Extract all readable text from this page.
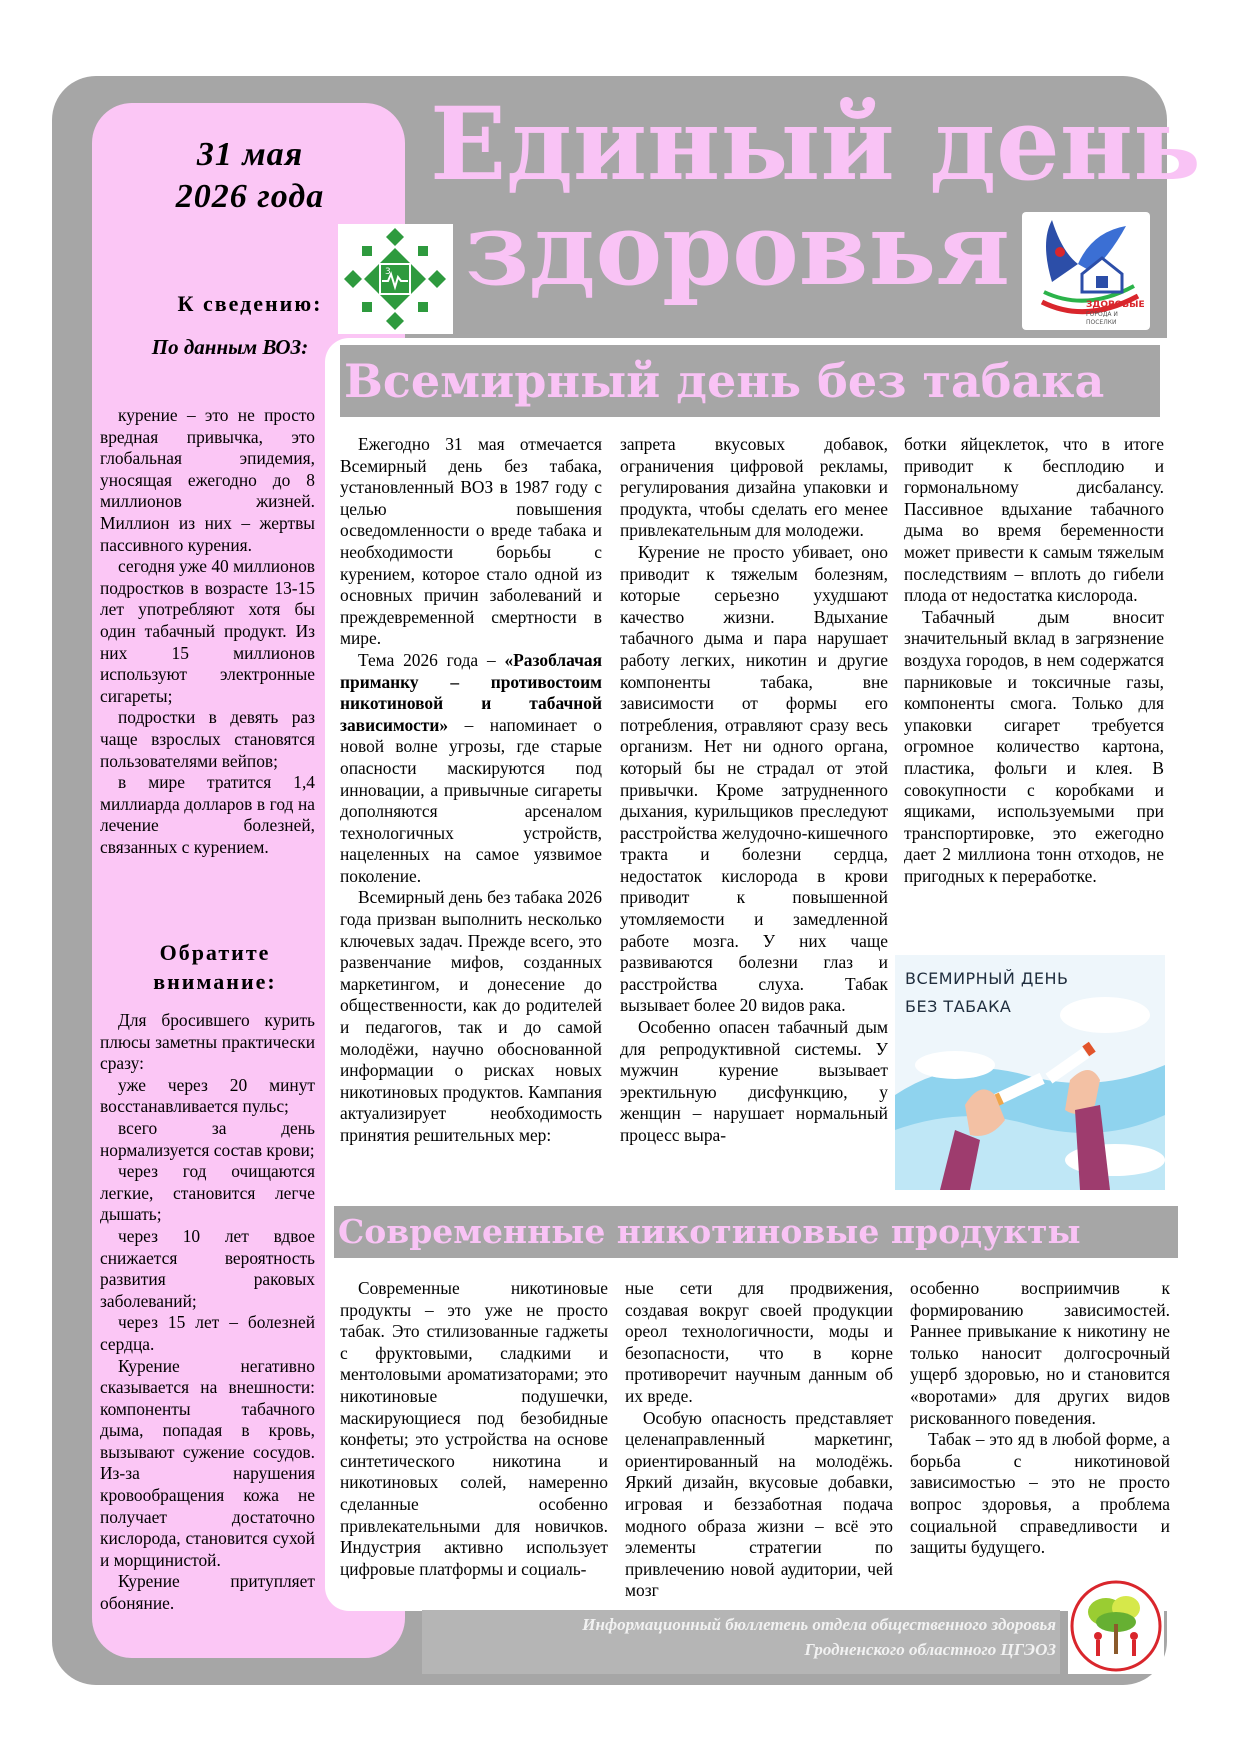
Единый день
здоровья
3
ЗДОРОВЫЕ
ГОРОДА И ПОСЕЛКИ
Всемирный день без табака
Современные никотиновые продукты
31 мая
2026 года
К сведению:
По данным ВОЗ:

курение – это не просто вредная привычка, это глобальная эпидемия, уносящая ежегодно до 8 миллионов жизней. Миллион из них – жертвы пассивного курения.

сегодня уже 40 миллионов подростков в возрасте 13-15 лет употребляют хотя бы один табачный продукт. Из них 15 миллионов используют электронные сигареты;

подростки в девять раз чаще взрослых становятся пользователями вейпов;

в мире тратится 1,4 миллиарда долларов в год на лечение болезней, связанных с курением.

Обратите внимание:

Для бросившего курить плюсы заметны практически сразу:

уже через 20 минут восстанавливается пульс;

всего за день нормализуется состав крови;

через год очищаются легкие, становится легче дышать;

через 10 лет вдвое снижается вероятность развития раковых заболеваний;

через 15 лет – болезней сердца.

Курение негативно сказывается на внешности: компоненты табачного дыма, попадая в кровь, вызывают сужение сосудов. Из-за нарушения кровообращения кожа не получает достаточно кислорода, становится сухой и морщинистой.

Курение притупляет обоняние.

Ежегодно 31 мая отмечается Всемирный день без табака, установленный ВОЗ в 1987 году с целью повышения осведомленности о вреде табака и необходимости борьбы с курением, которое стало одной из основных причин заболеваний и преждевременной смертности в мире.

Тема 2026 года – «Разоблачая приманку – противостоим никотиновой и табачной зависимости» – напоминает о новой волне угрозы, где старые опасности маскируются под инновации, а привычные сигареты дополняются арсеналом технологичных устройств, нацеленных на самое уязвимое поколение.

Всемирный день без табака 2026 года призван выполнить несколько ключевых задач. Прежде всего, это развенчание мифов, созданных маркетингом, и донесение до общественности, как до родителей и педагогов, так и до самой молодёжи, научно обоснованной информации о рисках новых никотиновых продуктов. Кампания актуализирует необходимость принятия решительных мер:

запрета вкусовых добавок, ограничения цифровой рекламы, регулирования дизайна упаковки и продукта, чтобы сделать его менее привлекательным для молодежи.

Курение не просто убивает, оно приводит к тяжелым болезням, которые серьезно ухудшают качество жизни. Вдыхание табачного дыма и пара нарушает работу легких, никотин и другие компоненты табака, вне зависимости от формы его потребления, отравляют сразу весь организм. Нет ни одного органа, который бы не страдал от этой привычки. Кроме затрудненного дыхания, курильщиков преследуют расстройства желудочно-кишечного тракта и болезни сердца, недостаток кислорода в крови приводит к повышенной утомляемости и замедленной работе мозга. У них чаще развиваются болезни глаз и расстройства слуха. Табак вызывает более 20 видов рака.

Особенно опасен табачный дым для репродуктивной системы. У мужчин курение вызывает эректильную дисфункцию, у женщин – нарушает нормальный процесс выра-

ботки яйцеклеток, что в итоге приводит к бесплодию и гормональному дисбалансу. Пассивное вдыхание табачного дыма во время беременности может привести к самым тяжелым последствиям – вплоть до гибели плода от недостатка кислорода.

Табачный дым вносит значительный вклад в загрязнение воздуха городов, в нем содержатся парниковые и токсичные газы, компоненты смога. Только для упаковки сигарет требуется огромное количество картона, пластика, фольги и клея. В совокупности с коробками и ящиками, используемыми при транспортировке, это ежегодно дает 2 миллиона тонн отходов, не пригодных к переработке.

ВСЕМИРНЫЙ ДЕНЬ
БЕЗ ТАБАКА

Современные никотиновые продукты – это уже не просто табак. Это стилизованные гаджеты с фруктовыми, сладкими и ментоловыми ароматизаторами; это никотиновые подушечки, маскирующиеся под безобидные конфеты; это устройства на основе синтетического никотина и никотиновых солей, намеренно сделанные особенно привлекательными для новичков. Индустрия активно использует цифровые платформы и социаль-

ные сети для продвижения, создавая вокруг своей продукции ореол технологичности, моды и безопасности, что в корне противоречит научным данным об их вреде.

Особую опасность представляет целенаправленный маркетинг, ориентированный на молодёжь. Яркий дизайн, вкусовые добавки, игровая и беззаботная подача модного образа жизни – всё это элементы стратегии по привлечению новой аудитории, чей мозг

особенно восприимчив к формированию зависимостей. Раннее привыкание к никотину не только наносит долгосрочный ущерб здоровью, но и становится «воротами» для других видов рискованного поведения.

Табак – это яд в любой форме, а борьба с никотиновой зависимостью – это не просто вопрос здоровья, а проблема социальной справедливости и защиты будущего.

Информационный бюллетень отдела общественного здоровья
Гродненского областного ЦГЭОЗ
